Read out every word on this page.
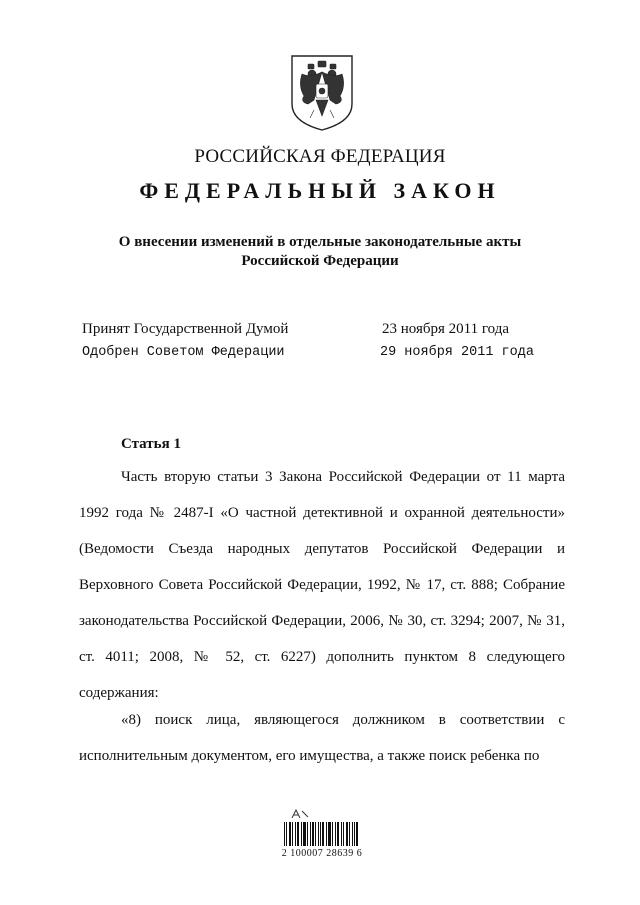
РОССИЙСКАЯ ФЕДЕРАЦИЯ
ФЕДЕРАЛЬНЫЙ ЗАКОН
О внесении изменений в отдельные законодательные акты
Российской Федерации
Принят Государственной Думой	23 ноября 2011 года
Одобрен Советом Федерации	29 ноября 2011 года
Статья 1

Часть вторую статьи 3 Закона Российской Федерации от 11 марта 1992 года № 2487-I «О частной детективной и охранной деятельности» (Ведомости Съезда народных депутатов Российской Федерации и Верховного Совета Российской Федерации, 1992, № 17, ст. 888; Собрание законодательства Российской Федерации, 2006, № 30, ст. 3294; 2007, № 31, ст. 4011; 2008, № 52, ст. 6227) дополнить пунктом 8 следующего содержания:

«8) поиск лица, являющегося должником в соответствии с исполнительным документом, его имущества, а также поиск ребенка по

2 100007 28639 6
